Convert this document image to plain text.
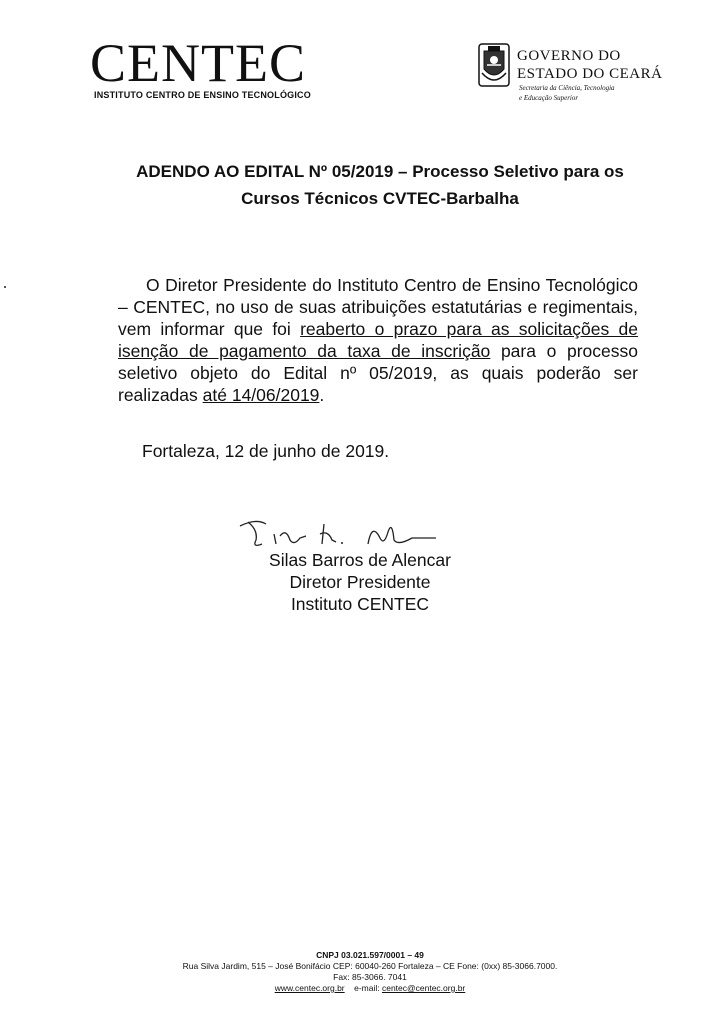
CENTEC
INSTITUTO CENTRO DE ENSINO TECNOLÓGICO
GOVERNO DO
ESTADO DO CEARÁ
Secretaria da Ciência, Tecnologia
e Educação Superior
ADENDO AO EDITAL Nº 05/2019 – Processo Seletivo para os
Cursos Técnicos CVTEC-Barbalha
O Diretor Presidente do Instituto Centro de Ensino Tecnológico – CENTEC, no uso de suas atribuições estatutárias e regimentais, vem informar que foi reaberto o prazo para as solicitações de isenção de pagamento da taxa de inscrição para o processo seletivo objeto do Edital nº 05/2019, as quais poderão ser realizadas até 14/06/2019.
Fortaleza, 12 de junho de 2019.
Silas Barros de Alencar
Diretor Presidente
Instituto CENTEC
CNPJ 03.021.597/0001 – 49
Rua Silva Jardim, 515 – José Bonifácio CEP: 60040-260 Fortaleza – CE Fone: (0xx) 85-3066.7000.
Fax: 85-3066. 7041
www.centec.org.br e-mail: centec@centec.org.br
